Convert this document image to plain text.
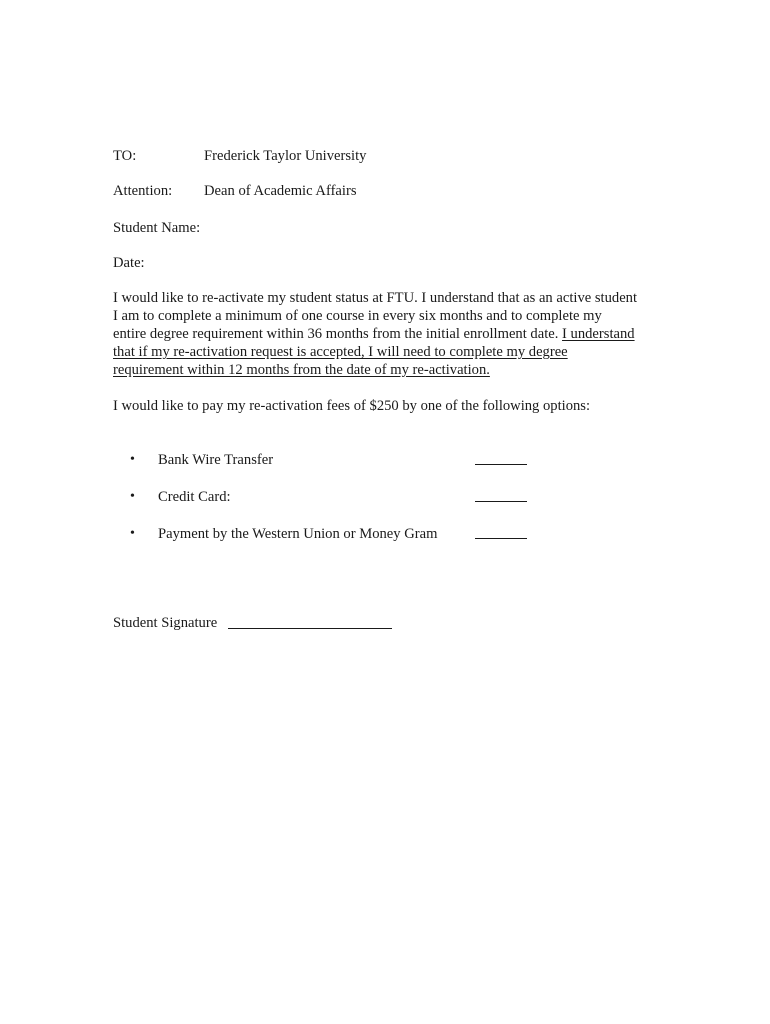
TO:	Frederick Taylor University
Attention: Dean of Academic Affairs
Student Name:
Date:
I would like to re-activate my student status at FTU. I understand that as an active student
I am to complete a minimum of one course in every six months and to complete my
entire degree requirement within 36 months from the initial enrollment date. I understand
that if my re-activation request is accepted, I will need to complete my degree
requirement within 12 months from the date of my re-activation.
I would like to pay my re-activation fees of $250 by one of the following options:
• Bank Wire Transfer
• Credit Card:
• Payment by the Western Union or Money Gram
Student Signature
